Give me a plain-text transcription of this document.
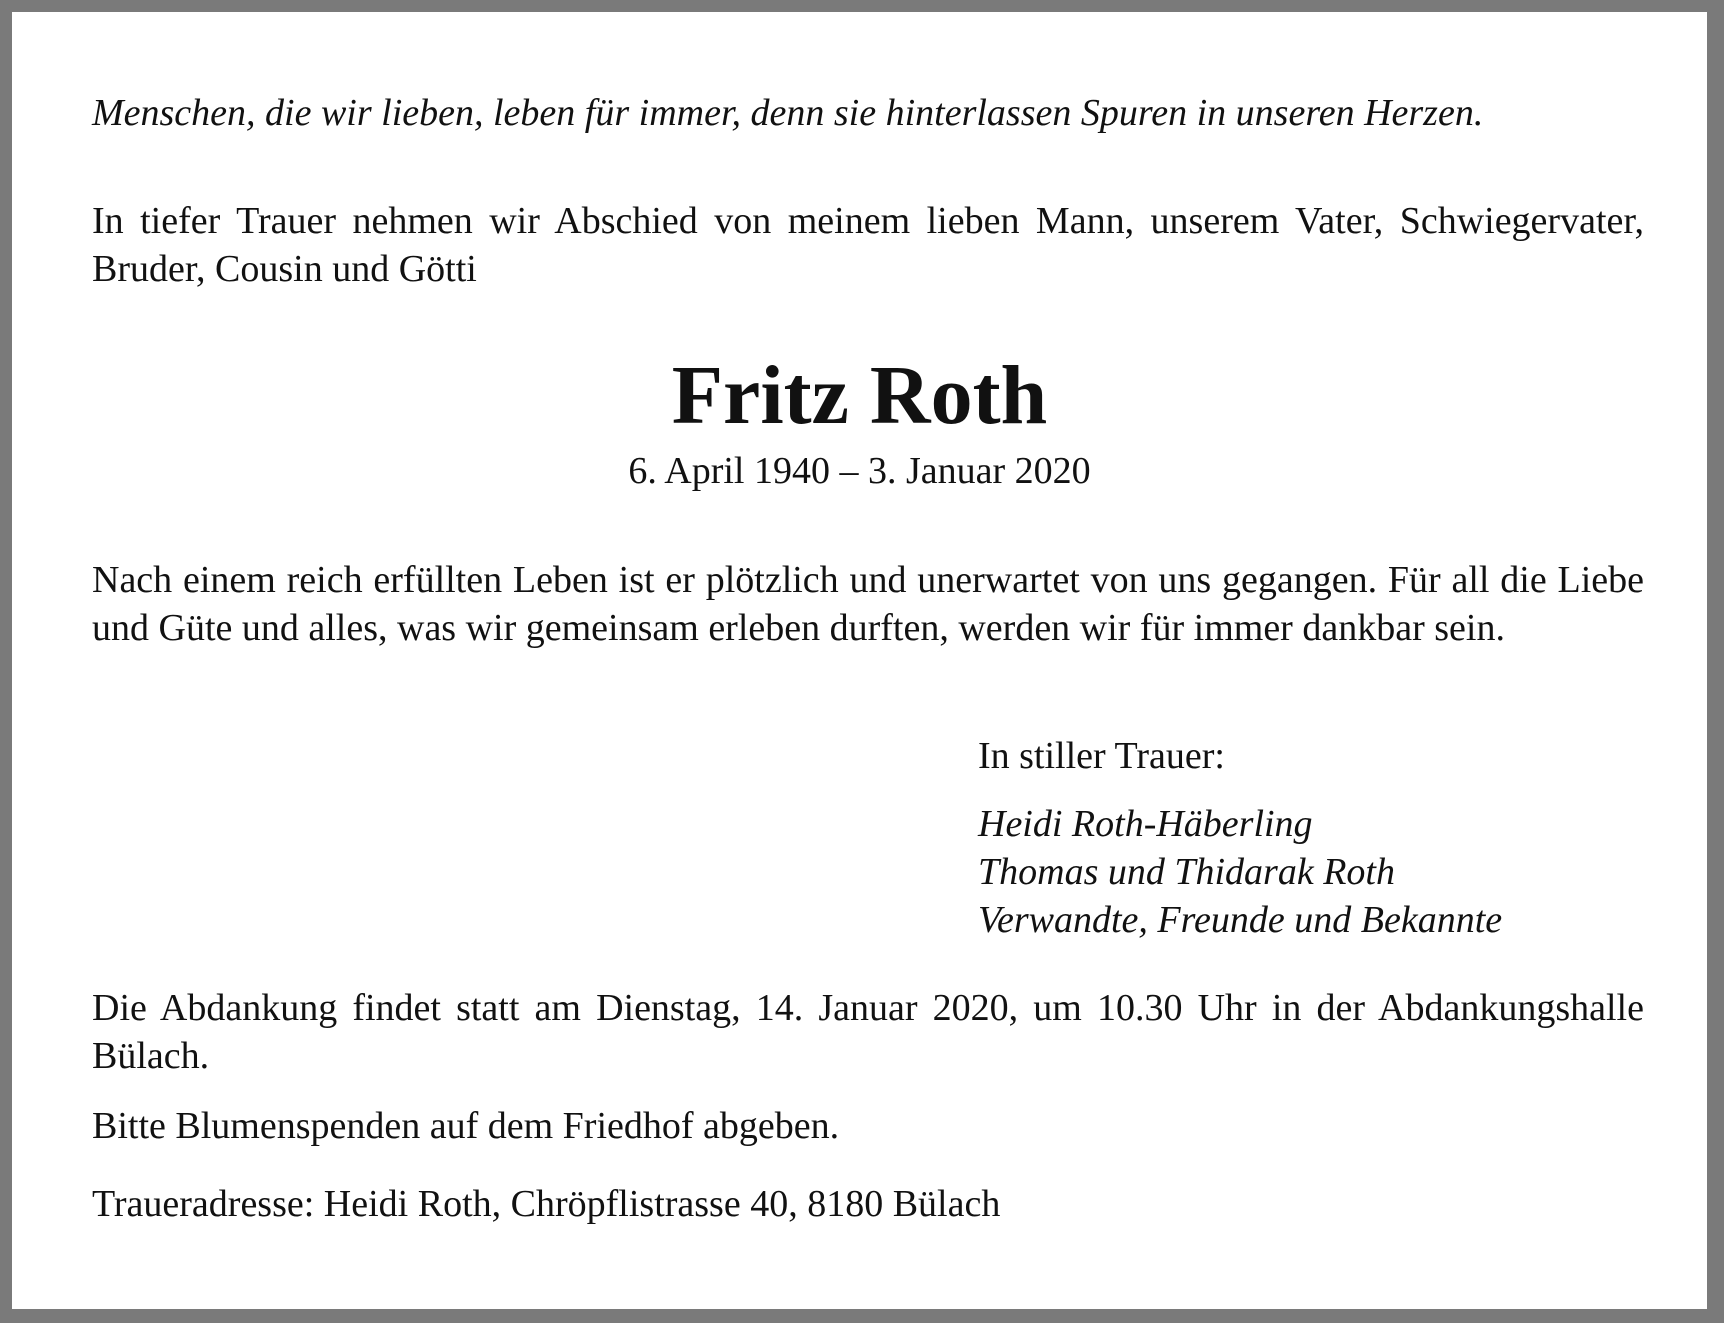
Menschen, die wir lieben, leben für immer, denn sie hinterlassen Spuren in unseren Herzen.
In tiefer Trauer nehmen wir Abschied von meinem lieben Mann, unserem Vater, Schwiegervater, Bruder, Cousin und Götti
Fritz Roth
6. April 1940 – 3. Januar 2020
Nach einem reich erfüllten Leben ist er plötzlich und unerwartet von uns gegangen. Für all die Liebe und Güte und alles, was wir gemeinsam erleben durften, werden wir für immer dankbar sein.
In stiller Trauer:
Heidi Roth-Häberling
Thomas und Thidarak Roth
Verwandte, Freunde und Bekannte
Die Abdankung findet statt am Dienstag, 14. Januar 2020, um 10.30 Uhr in der Abdankungshalle Bülach.
Bitte Blumenspenden auf dem Friedhof abgeben.
Traueradresse: Heidi Roth, Chröpflistrasse 40, 8180 Bülach
